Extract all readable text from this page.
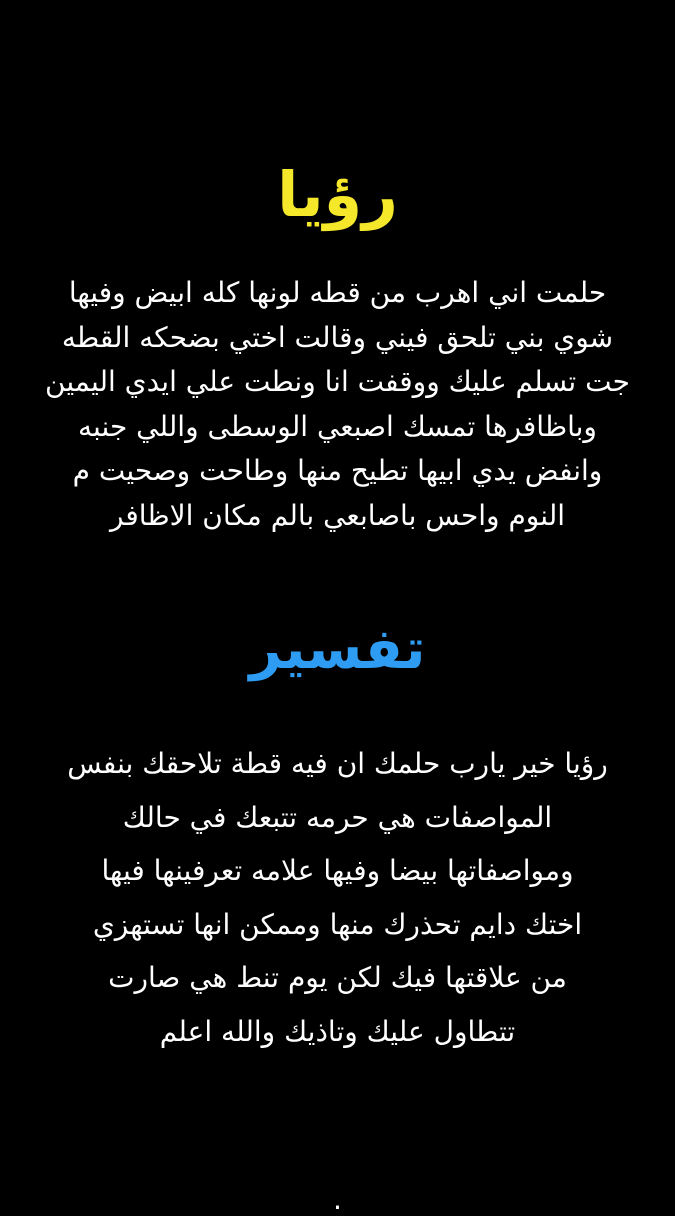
رؤيا
حلمت اني اهرب من قطه لونها كله ابيض وفيها
شوي بني تلحق فيني وقالت اختي بضحكه القطه
جت تسلم عليك ووقفت انا ونطت علي ايدي اليمين
وباظافرها تمسك اصبعي الوسطى واللي جنبه
وانفض يدي ابيها تطيح منها وطاحت وصحيت م
النوم واحس باصابعي بالم مكان الاظافر
تفسير
رؤيا خير يارب حلمك ان فيه قطة تلاحقك بنفس
المواصفات هي حرمه تتبعك في حالك
ومواصفاتها بيضا وفيها علامه تعرفينها فيها
اختك دايم تحذرك منها وممكن انها تستهزي
من علاقتها فيك لكن يوم تنط هي صارت
تتطاول عليك وتاذيك والله اعلم
.
